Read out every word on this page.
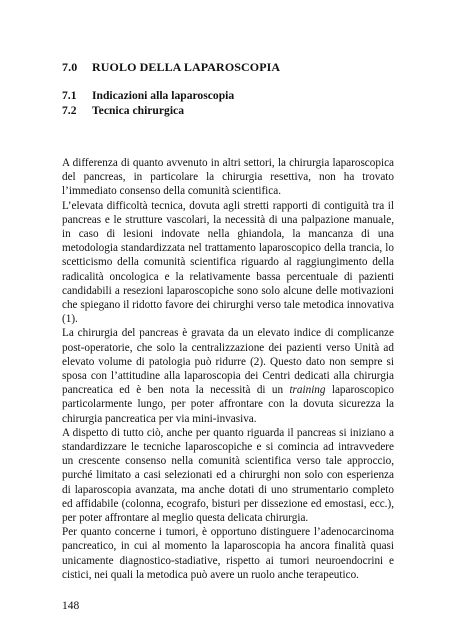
7.0 RUOLO DELLA LAPAROSCOPIA
7.1 Indicazioni alla laparoscopia
7.2 Tecnica chirurgica

A differenza di quanto avvenuto in altri settori, la chirurgia laparoscopica del pancreas, in particolare la chirurgia resettiva, non ha trovato l’immediato consenso della comunità scientifica.

L’elevata difficoltà tecnica, dovuta agli stretti rapporti di contiguità tra il pancreas e le strutture vascolari, la necessità di una palpazione manuale, in caso di lesioni indovate nella ghiandola, la mancanza di una metodologia standardizzata nel trattamento laparoscopico della trancia, lo scetticismo della comunità scientifica riguardo al raggiungimento della radicalità oncologica e la relativamente bassa percentuale di pazienti candidabili a resezioni laparoscopiche sono solo alcune delle motivazioni che spiegano il ridotto favore dei chirurghi verso tale metodica innovativa (1).

La chirurgia del pancreas è gravata da un elevato indice di complicanze post-operatorie, che solo la centralizzazione dei pazienti verso Unità ad elevato volume di patologia può ridurre (2). Questo dato non sempre si sposa con l’attitudine alla laparoscopia dei Centri dedicati alla chirurgia pancreatica ed è ben nota la necessità di un training laparoscopico particolarmente lungo, per poter affrontare con la dovuta sicurezza la chirurgia pancreatica per via mini-invasiva.

A dispetto di tutto ciò, anche per quanto riguarda il pancreas si iniziano a standardizzare le tecniche laparoscopiche e si comincia ad intravvedere un crescente consenso nella comunità scientifica verso tale approccio, purché limitato a casi selezionati ed a chirurghi non solo con esperienza di laparoscopia avanzata, ma anche dotati di uno strumentario completo ed affidabile (colonna, ecografo, bisturi per dissezione ed emostasi, ecc.), per poter affrontare al meglio questa delicata chirurgia.

Per quanto concerne i tumori, è opportuno distinguere l’adenocarcinoma pancreatico, in cui al momento la laparoscopia ha ancora finalità quasi unicamente diagnostico-stadiative, rispetto ai tumori neuroendocrini e cistici, nei quali la metodica può avere un ruolo anche terapeutico.

148
